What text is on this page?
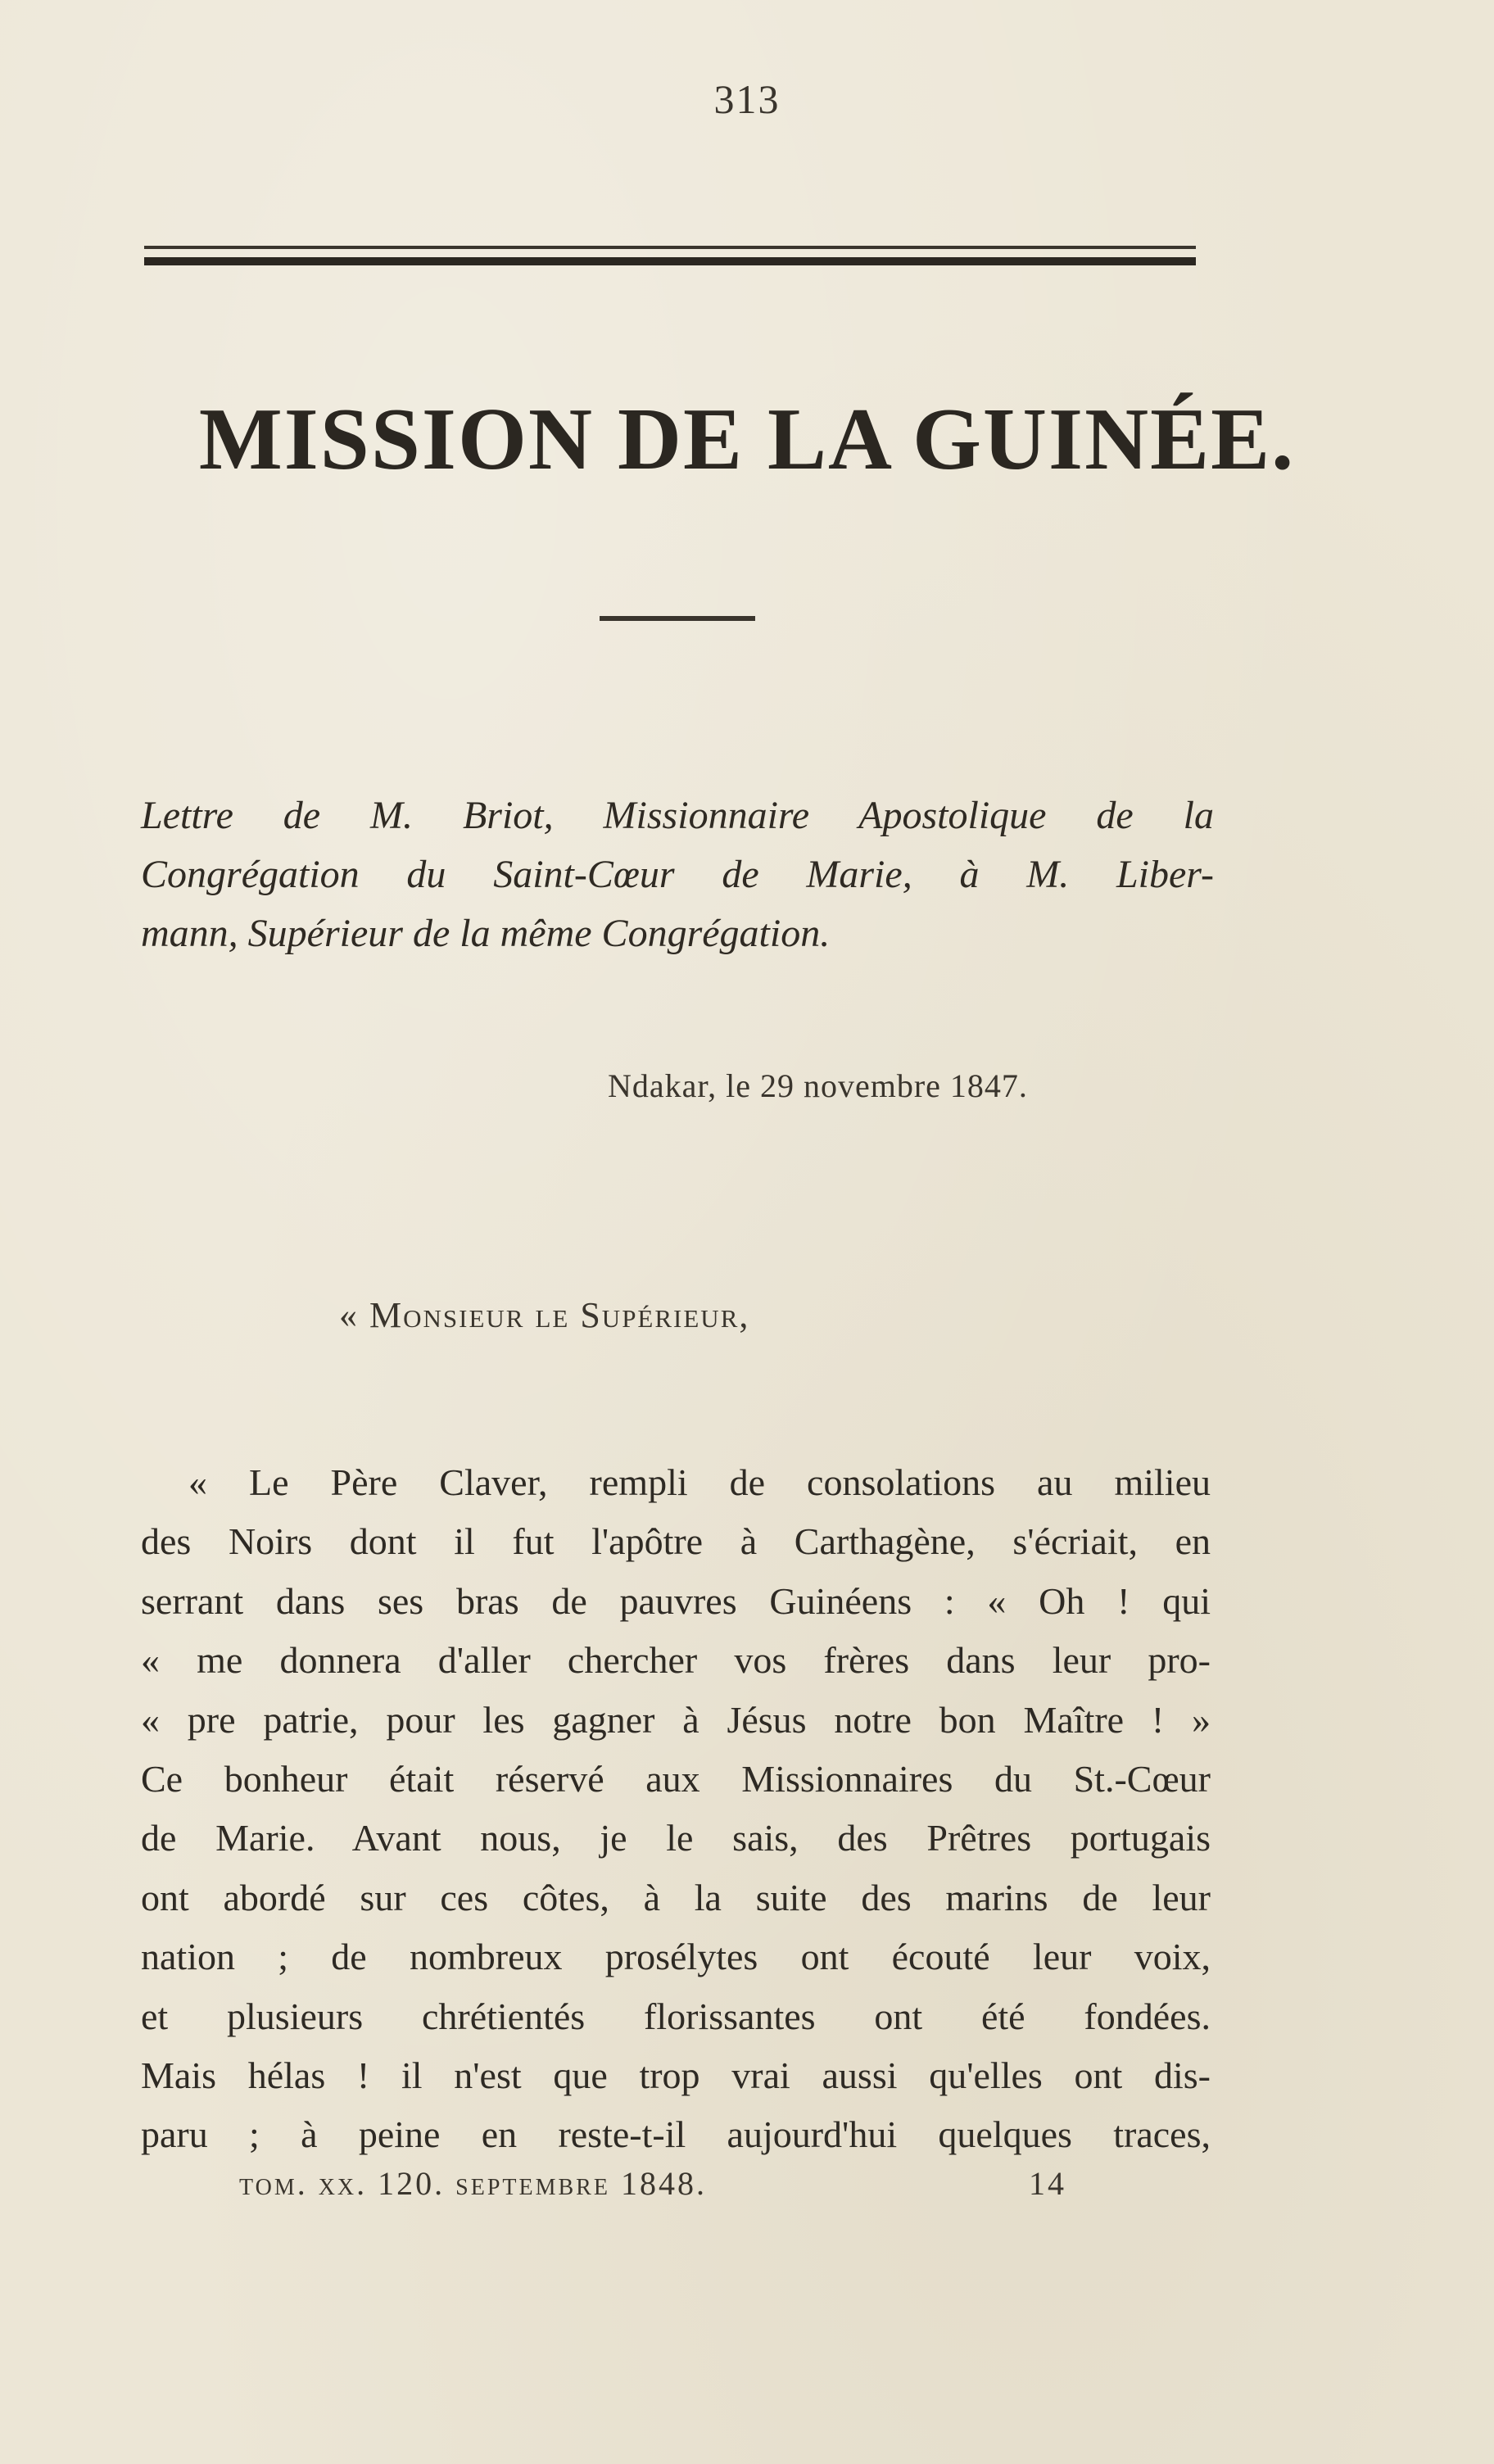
313
MISSION DE LA GUINÉE.
Lettre de M. Briot, Missionnaire Apostolique de la
Congrégation du Saint-Cœur de Marie, à M. Liber-
mann, Supérieur de la même Congrégation.
Ndakar, le 29 novembre 1847.
« Monsieur le Supérieur,
« Le Père Claver, rempli de consolations au milieu
des Noirs dont il fut l'apôtre à Carthagène, s'écriait, en
serrant dans ses bras de pauvres Guinéens : « Oh ! qui
« me donnera d'aller chercher vos frères dans leur pro-
« pre patrie, pour les gagner à Jésus notre bon Maître ! »
Ce bonheur était réservé aux Missionnaires du St.-Cœur
de Marie. Avant nous, je le sais, des Prêtres portugais
ont abordé sur ces côtes, à la suite des marins de leur
nation ; de nombreux prosélytes ont écouté leur voix,
et plusieurs chrétientés florissantes ont été fondées.
Mais hélas ! il n'est que trop vrai aussi qu'elles ont dis-
paru ; à peine en reste-t-il aujourd'hui quelques traces,
tom. xx. 120. septembre 1848.	14
